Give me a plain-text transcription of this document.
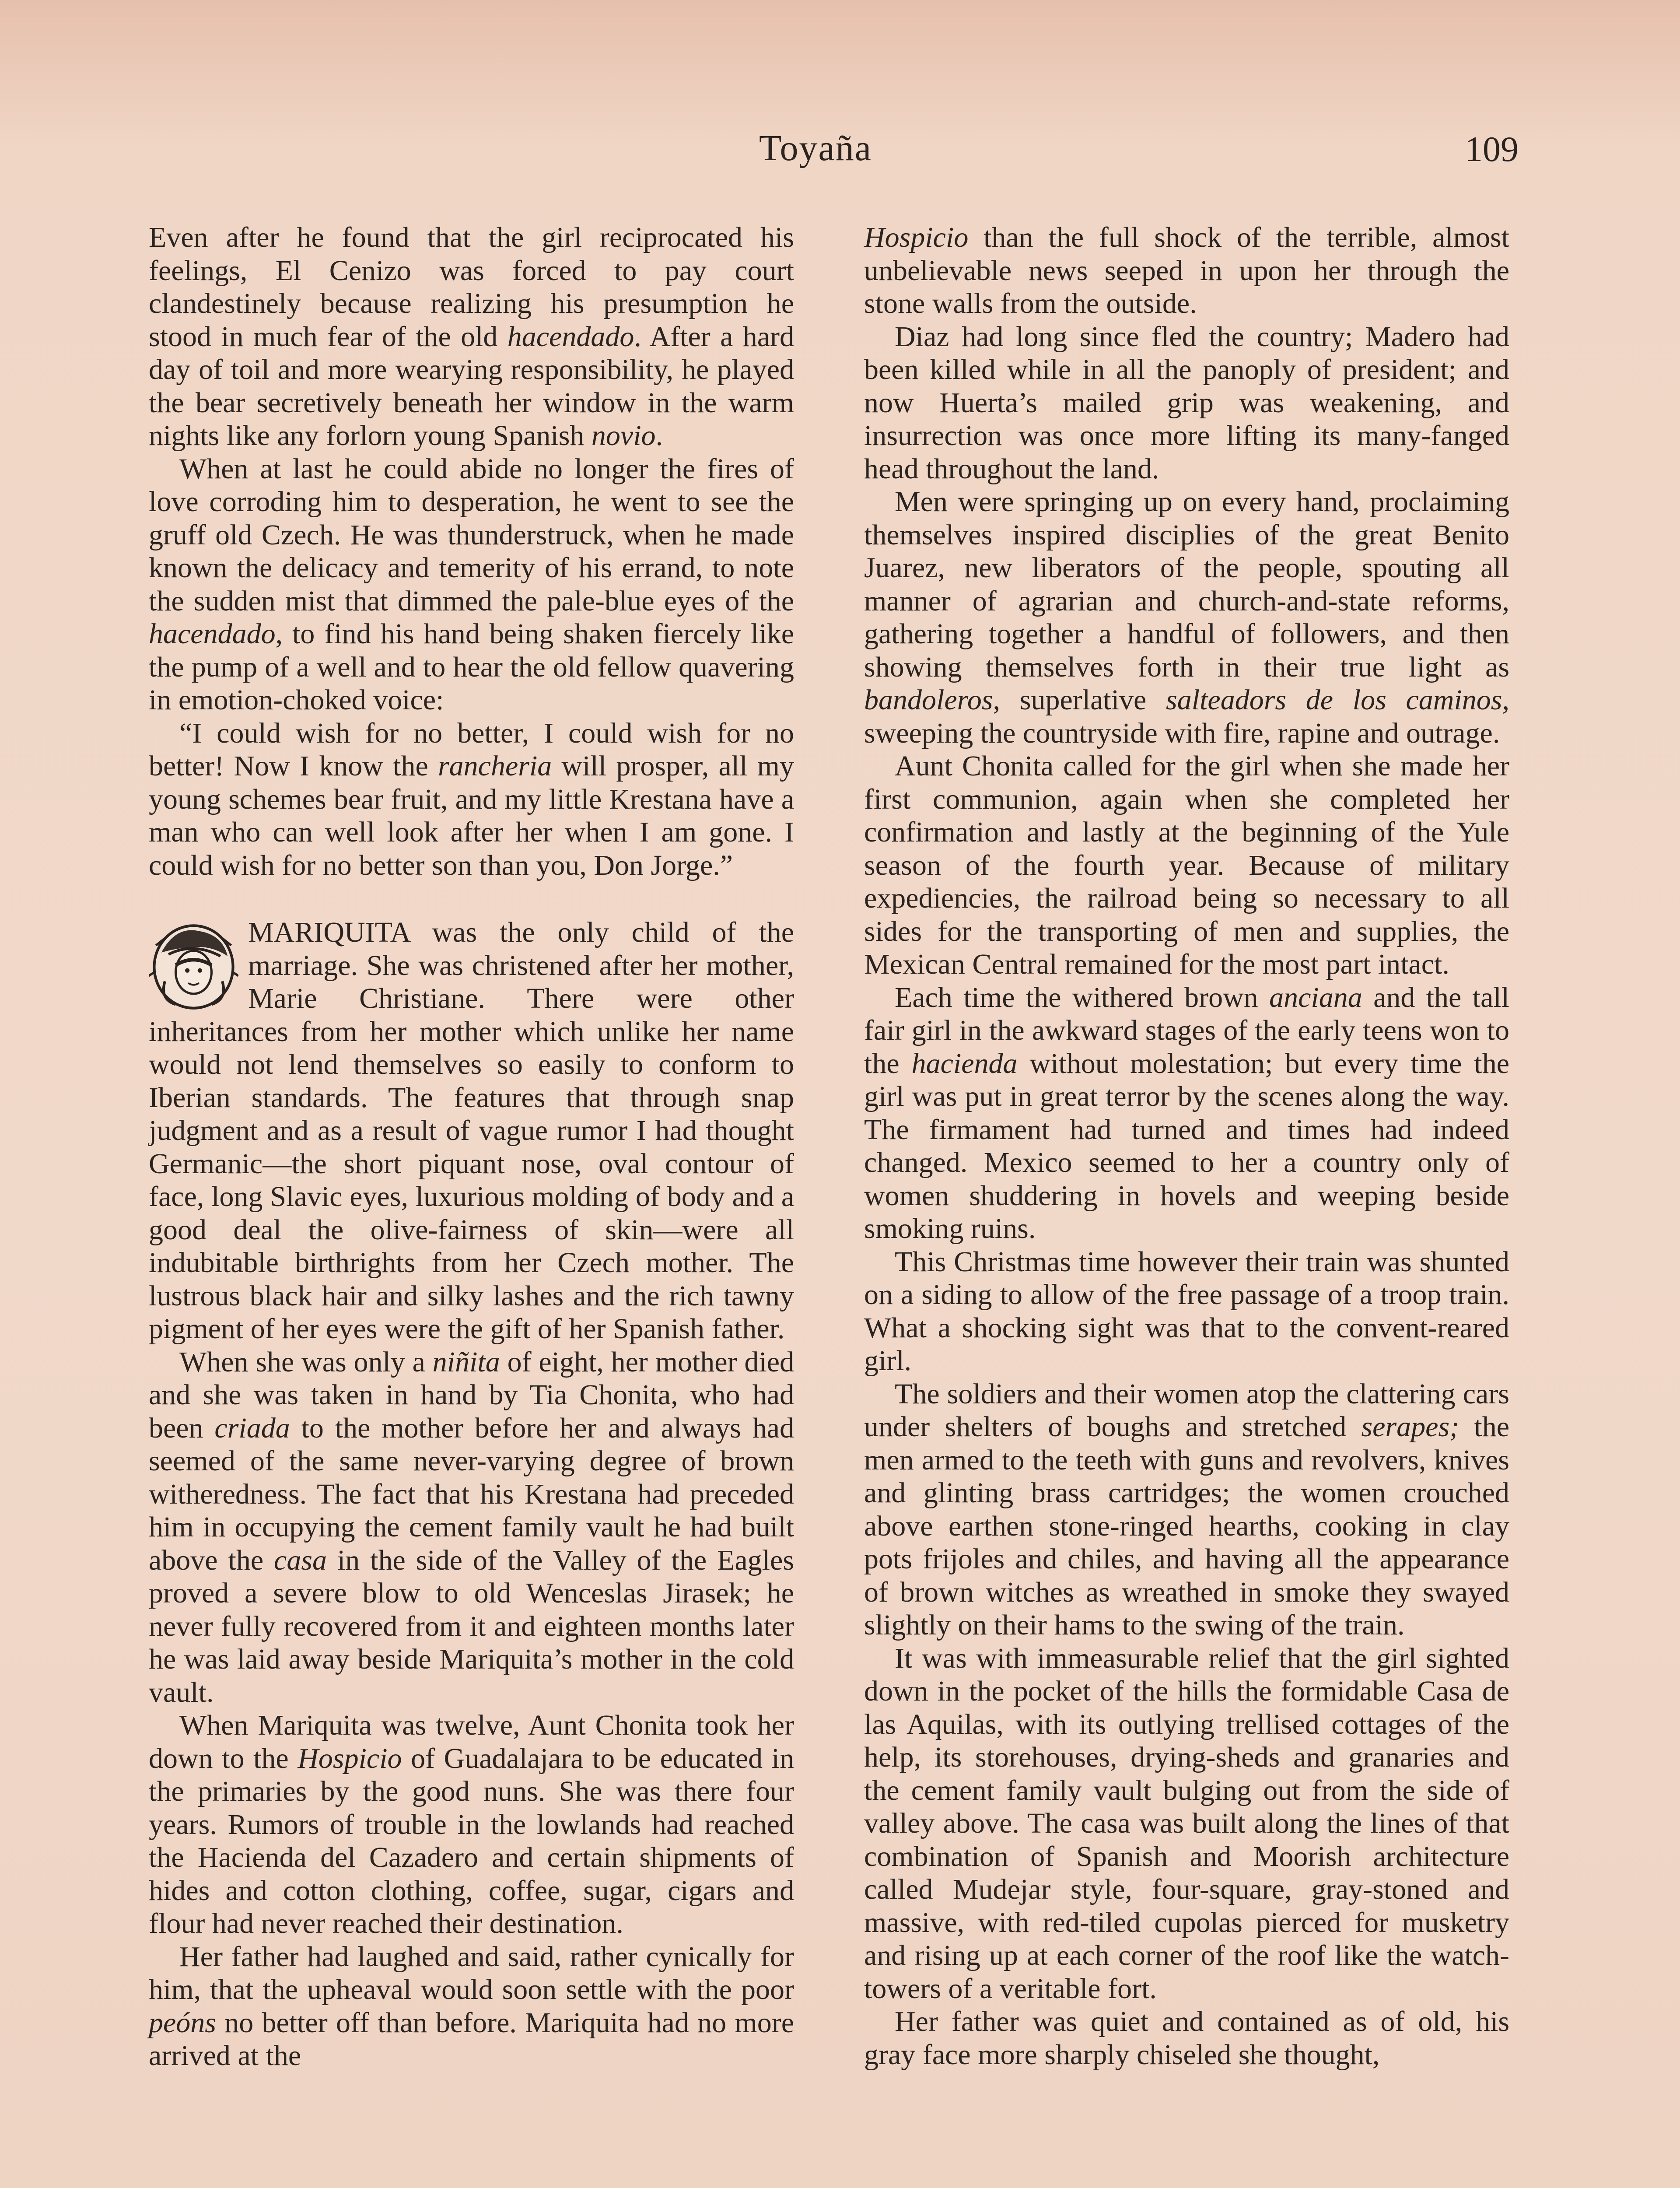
Toyaña	109

Even after he found that the girl reciprocated his feelings, El Cenizo was forced to pay court clandestinely because realizing his presumption he stood in much fear of the old hacendado. After a hard day of toil and more wearying responsibility, he played the bear secretively beneath her window in the warm nights like any forlorn young Spanish novio.

When at last he could abide no longer the fires of love corroding him to desperation, he went to see the gruff old Czech. He was thunderstruck, when he made known the delicacy and temerity of his errand, to note the sudden mist that dimmed the pale-blue eyes of the hacendado, to find his hand being shaken fiercely like the pump of a well and to hear the old fellow quavering in emotion-choked voice:

“I could wish for no better, I could wish for no better! Now I know the rancheria will prosper, all my young schemes bear fruit, and my little Krestana have a man who can well look after her when I am gone. I could wish for no better son than you, Don Jorge.”

MARIQUITA was the only child of the marriage. She was christened after her mother, Marie Christiane. There were other inheritances from her mother which unlike her name would not lend themselves so easily to conform to Iberian standards. The features that through snap judgment and as a result of vague rumor I had thought Germanic—the short piquant nose, oval contour of face, long Slavic eyes, luxurious molding of body and a good deal the olive-fairness of skin—were all indubitable birthrights from her Czech mother. The lustrous black hair and silky lashes and the rich tawny pigment of her eyes were the gift of her Spanish father.

When she was only a niñita of eight, her mother died and she was taken in hand by Tia Chonita, who had been criada to the mother before her and always had seemed of the same never-varying degree of brown witheredness. The fact that his Krestana had preceded him in occupying the cement family vault he had built above the casa in the side of the Valley of the Eagles proved a severe blow to old Wenceslas Jirasek; he never fully recovered from it and eighteen months later he was laid away beside Mariquita’s mother in the cold vault.

When Mariquita was twelve, Aunt Chonita took her down to the Hospicio of Guadalajara to be educated in the primaries by the good nuns. She was there four years. Rumors of trouble in the lowlands had reached the Hacienda del Cazadero and certain shipments of hides and cotton clothing, coffee, sugar, cigars and flour had never reached their destination.

Her father had laughed and said, rather cynically for him, that the upheaval would soon settle with the poor peóns no better off than before. Mariquita had no more arrived at the

Hospicio than the full shock of the terrible, almost unbelievable news seeped in upon her through the stone walls from the outside.

Diaz had long since fled the country; Madero had been killed while in all the panoply of president; and now Huerta’s mailed grip was weakening, and insurrection was once more lifting its many-fanged head throughout the land.

Men were springing up on every hand, proclaiming themselves inspired disciplies of the great Benito Juarez, new liberators of the people, spouting all manner of agrarian and church-and-state reforms, gathering together a handful of followers, and then showing themselves forth in their true light as bandoleros, superlative salteadors de los caminos, sweeping the countryside with fire, rapine and outrage.

Aunt Chonita called for the girl when she made her first communion, again when she completed her confirmation and lastly at the beginning of the Yule season of the fourth year. Because of military expediencies, the railroad being so necessary to all sides for the transporting of men and supplies, the Mexican Central remained for the most part intact.

Each time the withered brown anciana and the tall fair girl in the awkward stages of the early teens won to the hacienda without molestation; but every time the girl was put in great terror by the scenes along the way. The firmament had turned and times had indeed changed. Mexico seemed to her a country only of women shuddering in hovels and weeping beside smoking ruins.

This Christmas time however their train was shunted on a siding to allow of the free passage of a troop train. What a shocking sight was that to the convent-reared girl.

The soldiers and their women atop the clattering cars under shelters of boughs and stretched serapes; the men armed to the teeth with guns and revolvers, knives and glinting brass cartridges; the women crouched above earthen stone-ringed hearths, cooking in clay pots frijoles and chiles, and having all the appearance of brown witches as wreathed in smoke they swayed slightly on their hams to the swing of the train.

It was with immeasurable relief that the girl sighted down in the pocket of the hills the formidable Casa de las Aquilas, with its outlying trellised cottages of the help, its storehouses, drying-sheds and granaries and the cement family vault bulging out from the side of valley above. The casa was built along the lines of that combination of Spanish and Moorish architecture called Mudejar style, four-square, gray-stoned and massive, with red-tiled cupolas pierced for musketry and rising up at each corner of the roof like the watch-towers of a veritable fort.

Her father was quiet and contained as of old, his gray face more sharply chiseled she thought,
